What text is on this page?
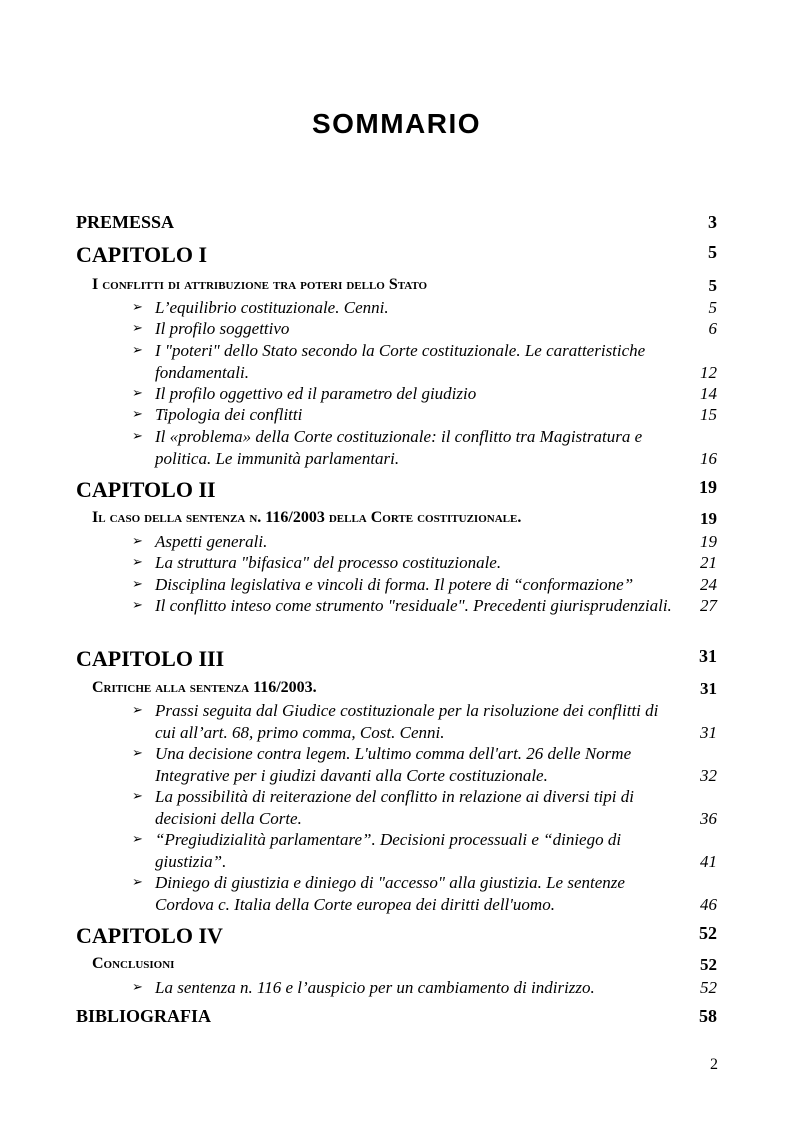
SOMMARIO
PREMESSA	3
CAPITOLO I	5
I conflitti di attribuzione tra poteri dello Stato	5
➢ L’equilibrio costituzionale. Cenni.	5
➢ Il profilo soggettivo	6
➢ I "poteri" dello Stato secondo la Corte costituzionale. Le caratteristiche fondamentali.	12
➢ Il profilo oggettivo ed il parametro del giudizio	14
➢ Tipologia dei conflitti	15
➢ Il «problema» della Corte costituzionale: il conflitto tra Magistratura e politica. Le immunità parlamentari.	16
CAPITOLO II	19
Il caso della sentenza n. 116/2003 della Corte costituzionale.	19
➢ Aspetti generali.	19
➢ La struttura "bifasica" del processo costituzionale.	21
➢ Disciplina legislativa e vincoli di forma. Il potere di “conformazione”	24
➢ Il conflitto inteso come strumento "residuale". Precedenti giurisprudenziali.	27
CAPITOLO III	31
Critiche alla sentenza 116/2003.	31
➢ Prassi seguita dal Giudice costituzionale per la risoluzione dei conflitti di cui all’art. 68, primo comma, Cost. Cenni.	31
➢ Una decisione contra legem. L'ultimo comma dell'art. 26 delle Norme Integrative per i giudizi davanti alla Corte costituzionale.	32
➢ La possibilità di reiterazione del conflitto in relazione ai diversi tipi di decisioni della Corte.	36
➢ “Pregiudizialità parlamentare”. Decisioni processuali e “diniego di giustizia”.	41
➢ Diniego di giustizia e diniego di "accesso" alla giustizia. Le sentenze Cordova c. Italia della Corte europea dei diritti dell'uomo.	46
CAPITOLO IV	52
Conclusioni	52
➢ La sentenza n. 116 e l’auspicio per un cambiamento di indirizzo.	52
BIBLIOGRAFIA	58
2
